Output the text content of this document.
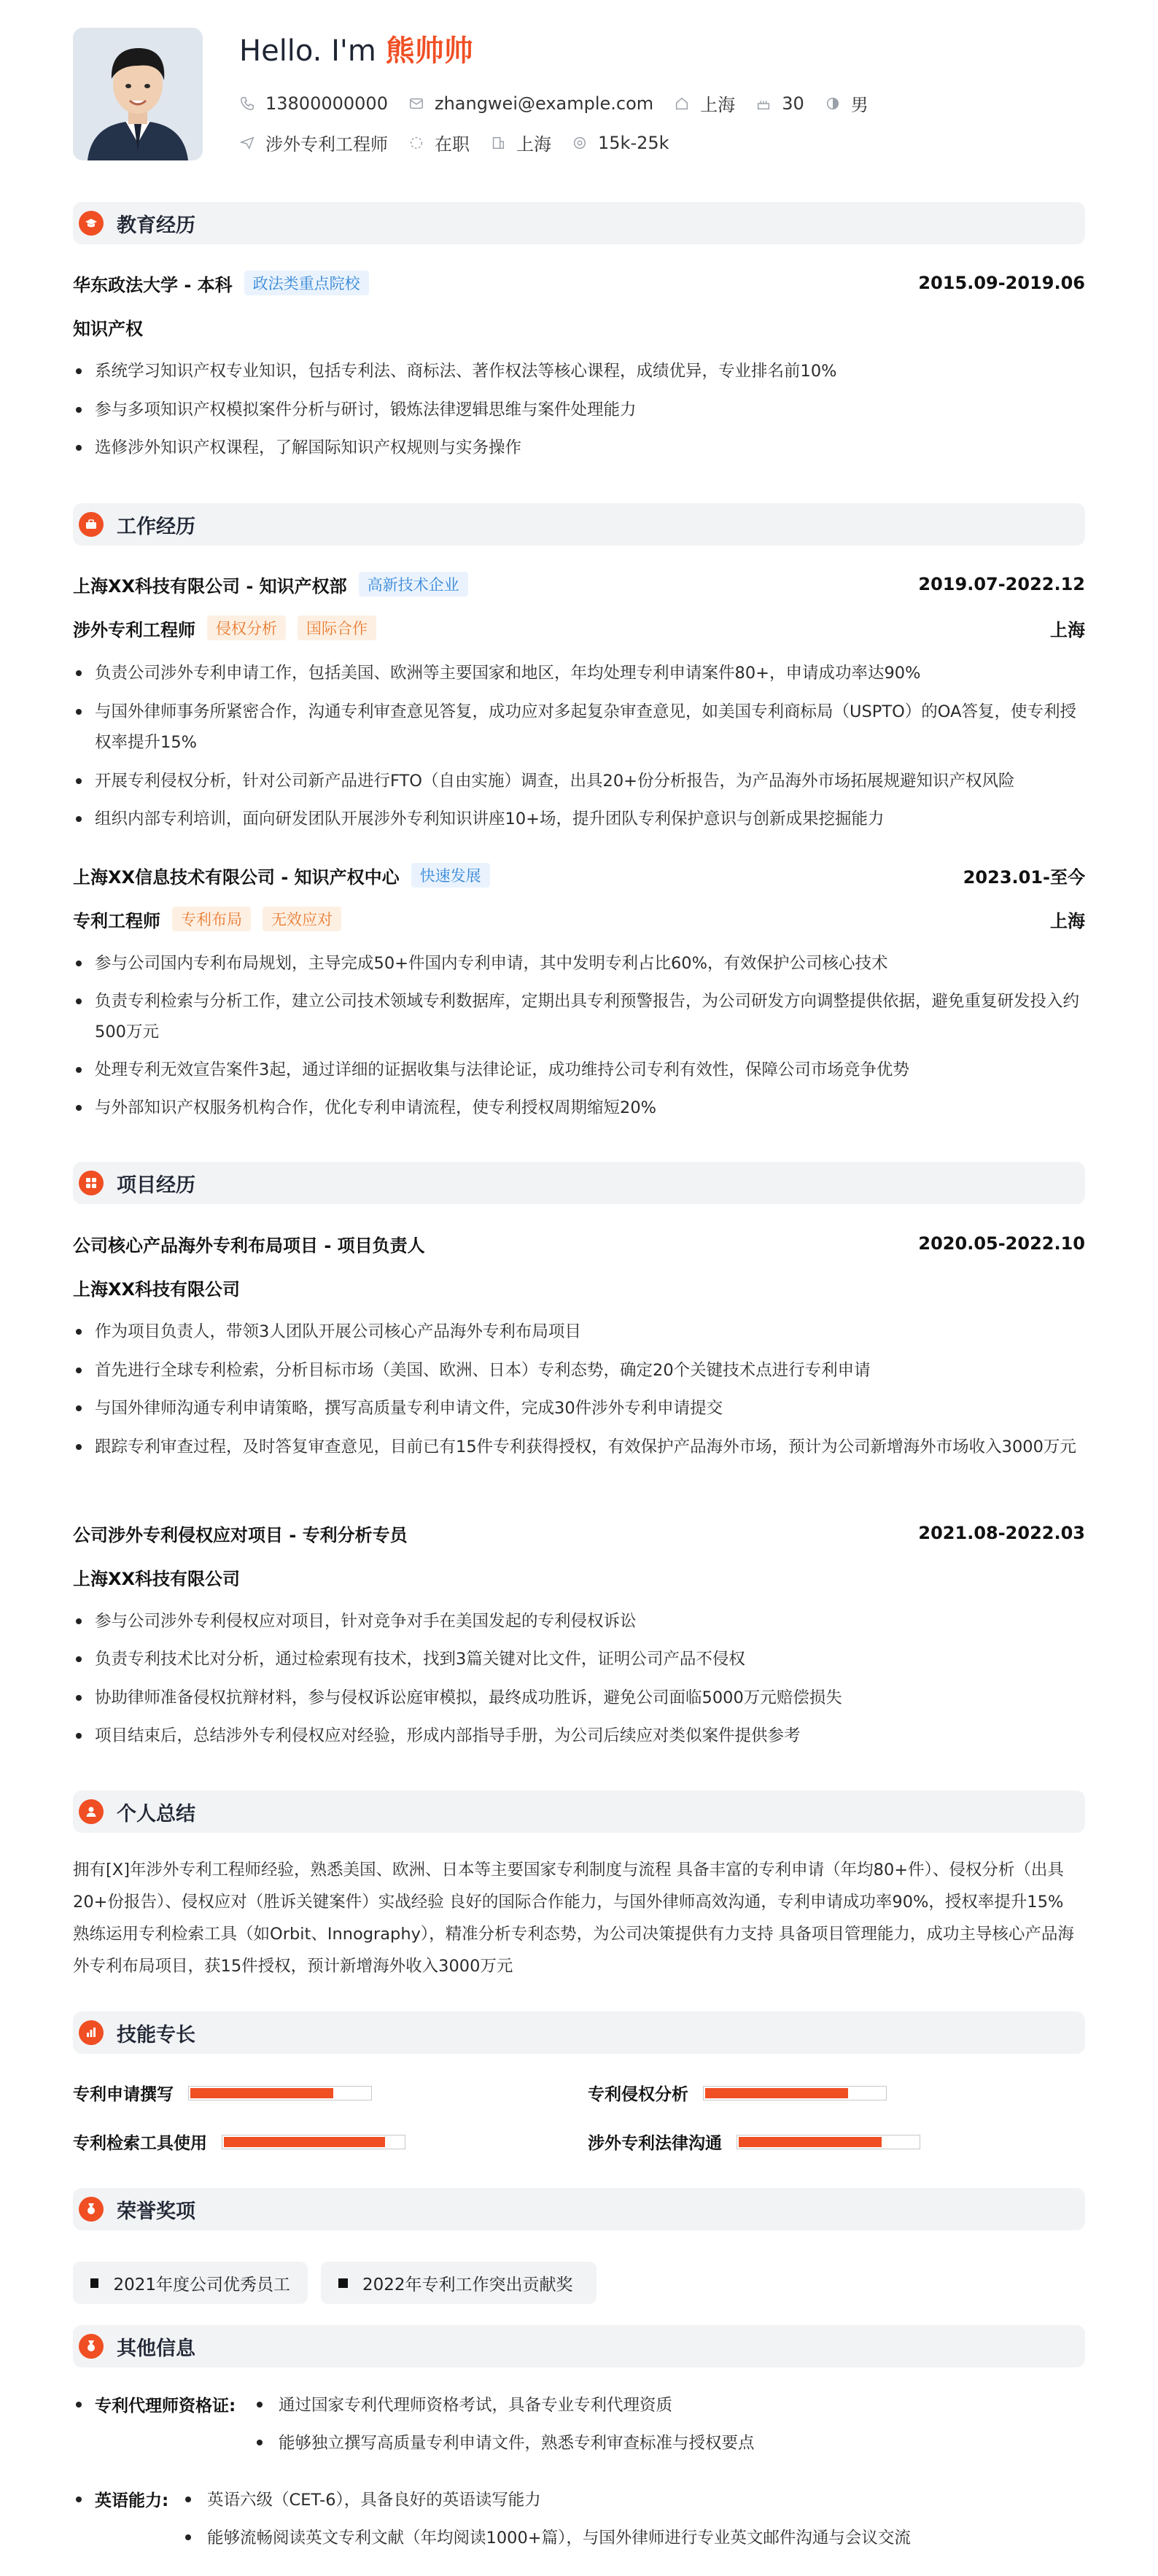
Hello. I'm 熊帅帅
13800000000	zhangwei@example.com	上海	30	男
涉外专利工程师	在职	上海	15k-25k
教育经历
华东政法大学 - 本科	政法类重点院校	2015.09-2019.06
知识产权
系统学习知识产权专业知识，包括专利法、商标法、著作权法等核心课程，成绩优异，专业排名前10%
参与多项知识产权模拟案件分析与研讨，锻炼法律逻辑思维与案件处理能力
选修涉外知识产权课程，了解国际知识产权规则与实务操作
工作经历
上海XX科技有限公司 - 知识产权部	高新技术企业	2019.07-2022.12
涉外专利工程师	侵权分析	国际合作	上海
负责公司涉外专利申请工作，包括美国、欧洲等主要国家和地区，年均处理专利申请案件80+，申请成功率达90%
与国外律师事务所紧密合作，沟通专利审查意见答复，成功应对多起复杂审查意见，如美国专利商标局（USPTO）的OA答复，使专利授权率提升15%
开展专利侵权分析，针对公司新产品进行FTO（自由实施）调查，出具20+份分析报告，为产品海外市场拓展规避知识产权风险
组织内部专利培训，面向研发团队开展涉外专利知识讲座10+场，提升团队专利保护意识与创新成果挖掘能力
上海XX信息技术有限公司 - 知识产权中心	快速发展	2023.01-至今
专利工程师	专利布局	无效应对	上海
参与公司国内专利布局规划，主导完成50+件国内专利申请，其中发明专利占比60%，有效保护公司核心技术
负责专利检索与分析工作，建立公司技术领域专利数据库，定期出具专利预警报告，为公司研发方向调整提供依据，避免重复研发投入约500万元
处理专利无效宣告案件3起，通过详细的证据收集与法律论证，成功维持公司专利有效性，保障公司市场竞争优势
与外部知识产权服务机构合作，优化专利申请流程，使专利授权周期缩短20%
项目经历
公司核心产品海外专利布局项目 - 项目负责人	2020.05-2022.10
上海XX科技有限公司
作为项目负责人，带领3人团队开展公司核心产品海外专利布局项目
首先进行全球专利检索，分析目标市场（美国、欧洲、日本）专利态势，确定20个关键技术点进行专利申请
与国外律师沟通专利申请策略，撰写高质量专利申请文件，完成30件涉外专利申请提交
跟踪专利审查过程，及时答复审查意见，目前已有15件专利获得授权，有效保护产品海外市场，预计为公司新增海外市场收入3000万元
公司涉外专利侵权应对项目 - 专利分析专员	2021.08-2022.03
上海XX科技有限公司
参与公司涉外专利侵权应对项目，针对竞争对手在美国发起的专利侵权诉讼
负责专利技术比对分析，通过检索现有技术，找到3篇关键对比文件，证明公司产品不侵权
协助律师准备侵权抗辩材料，参与侵权诉讼庭审模拟，最终成功胜诉，避免公司面临5000万元赔偿损失
项目结束后，总结涉外专利侵权应对经验，形成内部指导手册，为公司后续应对类似案件提供参考
个人总结
拥有[X]年涉外专利工程师经验，熟悉美国、欧洲、日本等主要国家专利制度与流程 具备丰富的专利申请（年均80+件）、侵权分析（出具20+份报告）、侵权应对（胜诉关键案件）实战经验 良好的国际合作能力，与国外律师高效沟通，专利申请成功率90%，授权率提升15% 熟练运用专利检索工具（如Orbit、Innography），精准分析专利态势，为公司决策提供有力支持 具备项目管理能力，成功主导核心产品海外专利布局项目，获15件授权，预计新增海外收入3000万元
技能专长
专利申请撰写	专利侵权分析
专利检索工具使用	涉外专利法律沟通
荣誉奖项
2021年度公司优秀员工	2022年专利工作突出贡献奖
其他信息
专利代理师资格证:	通过国家专利代理师资格考试，具备专业专利代理资质
能够独立撰写高质量专利申请文件，熟悉专利审查标准与授权要点
英语能力:	英语六级（CET-6），具备良好的英语读写能力
能够流畅阅读英文专利文献（年均阅读1000+篇），与国外律师进行专业英文邮件沟通与会议交流
